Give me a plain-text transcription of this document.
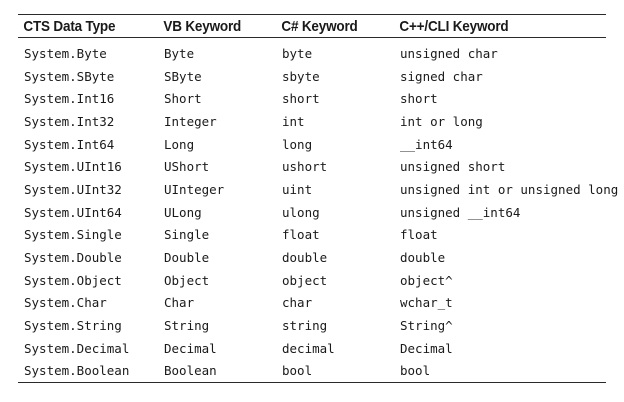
CTS Data Type	VB Keyword	C# Keyword	C++/CLI Keyword
System.Byte	Byte	byte	unsigned char
System.SByte	SByte	sbyte	signed char
System.Int16	Short	short	short
System.Int32	Integer	int	int or long
System.Int64	Long	long	__int64
System.UInt16	UShort	ushort	unsigned short
System.UInt32	UInteger	uint	unsigned int or unsigned long
System.UInt64	ULong	ulong	unsigned __int64
System.Single	Single	float	float
System.Double	Double	double	double
System.Object	Object	object	object^
System.Char	Char	char	wchar_t
System.String	String	string	String^
System.Decimal	Decimal	decimal	Decimal
System.Boolean	Boolean	bool	bool
